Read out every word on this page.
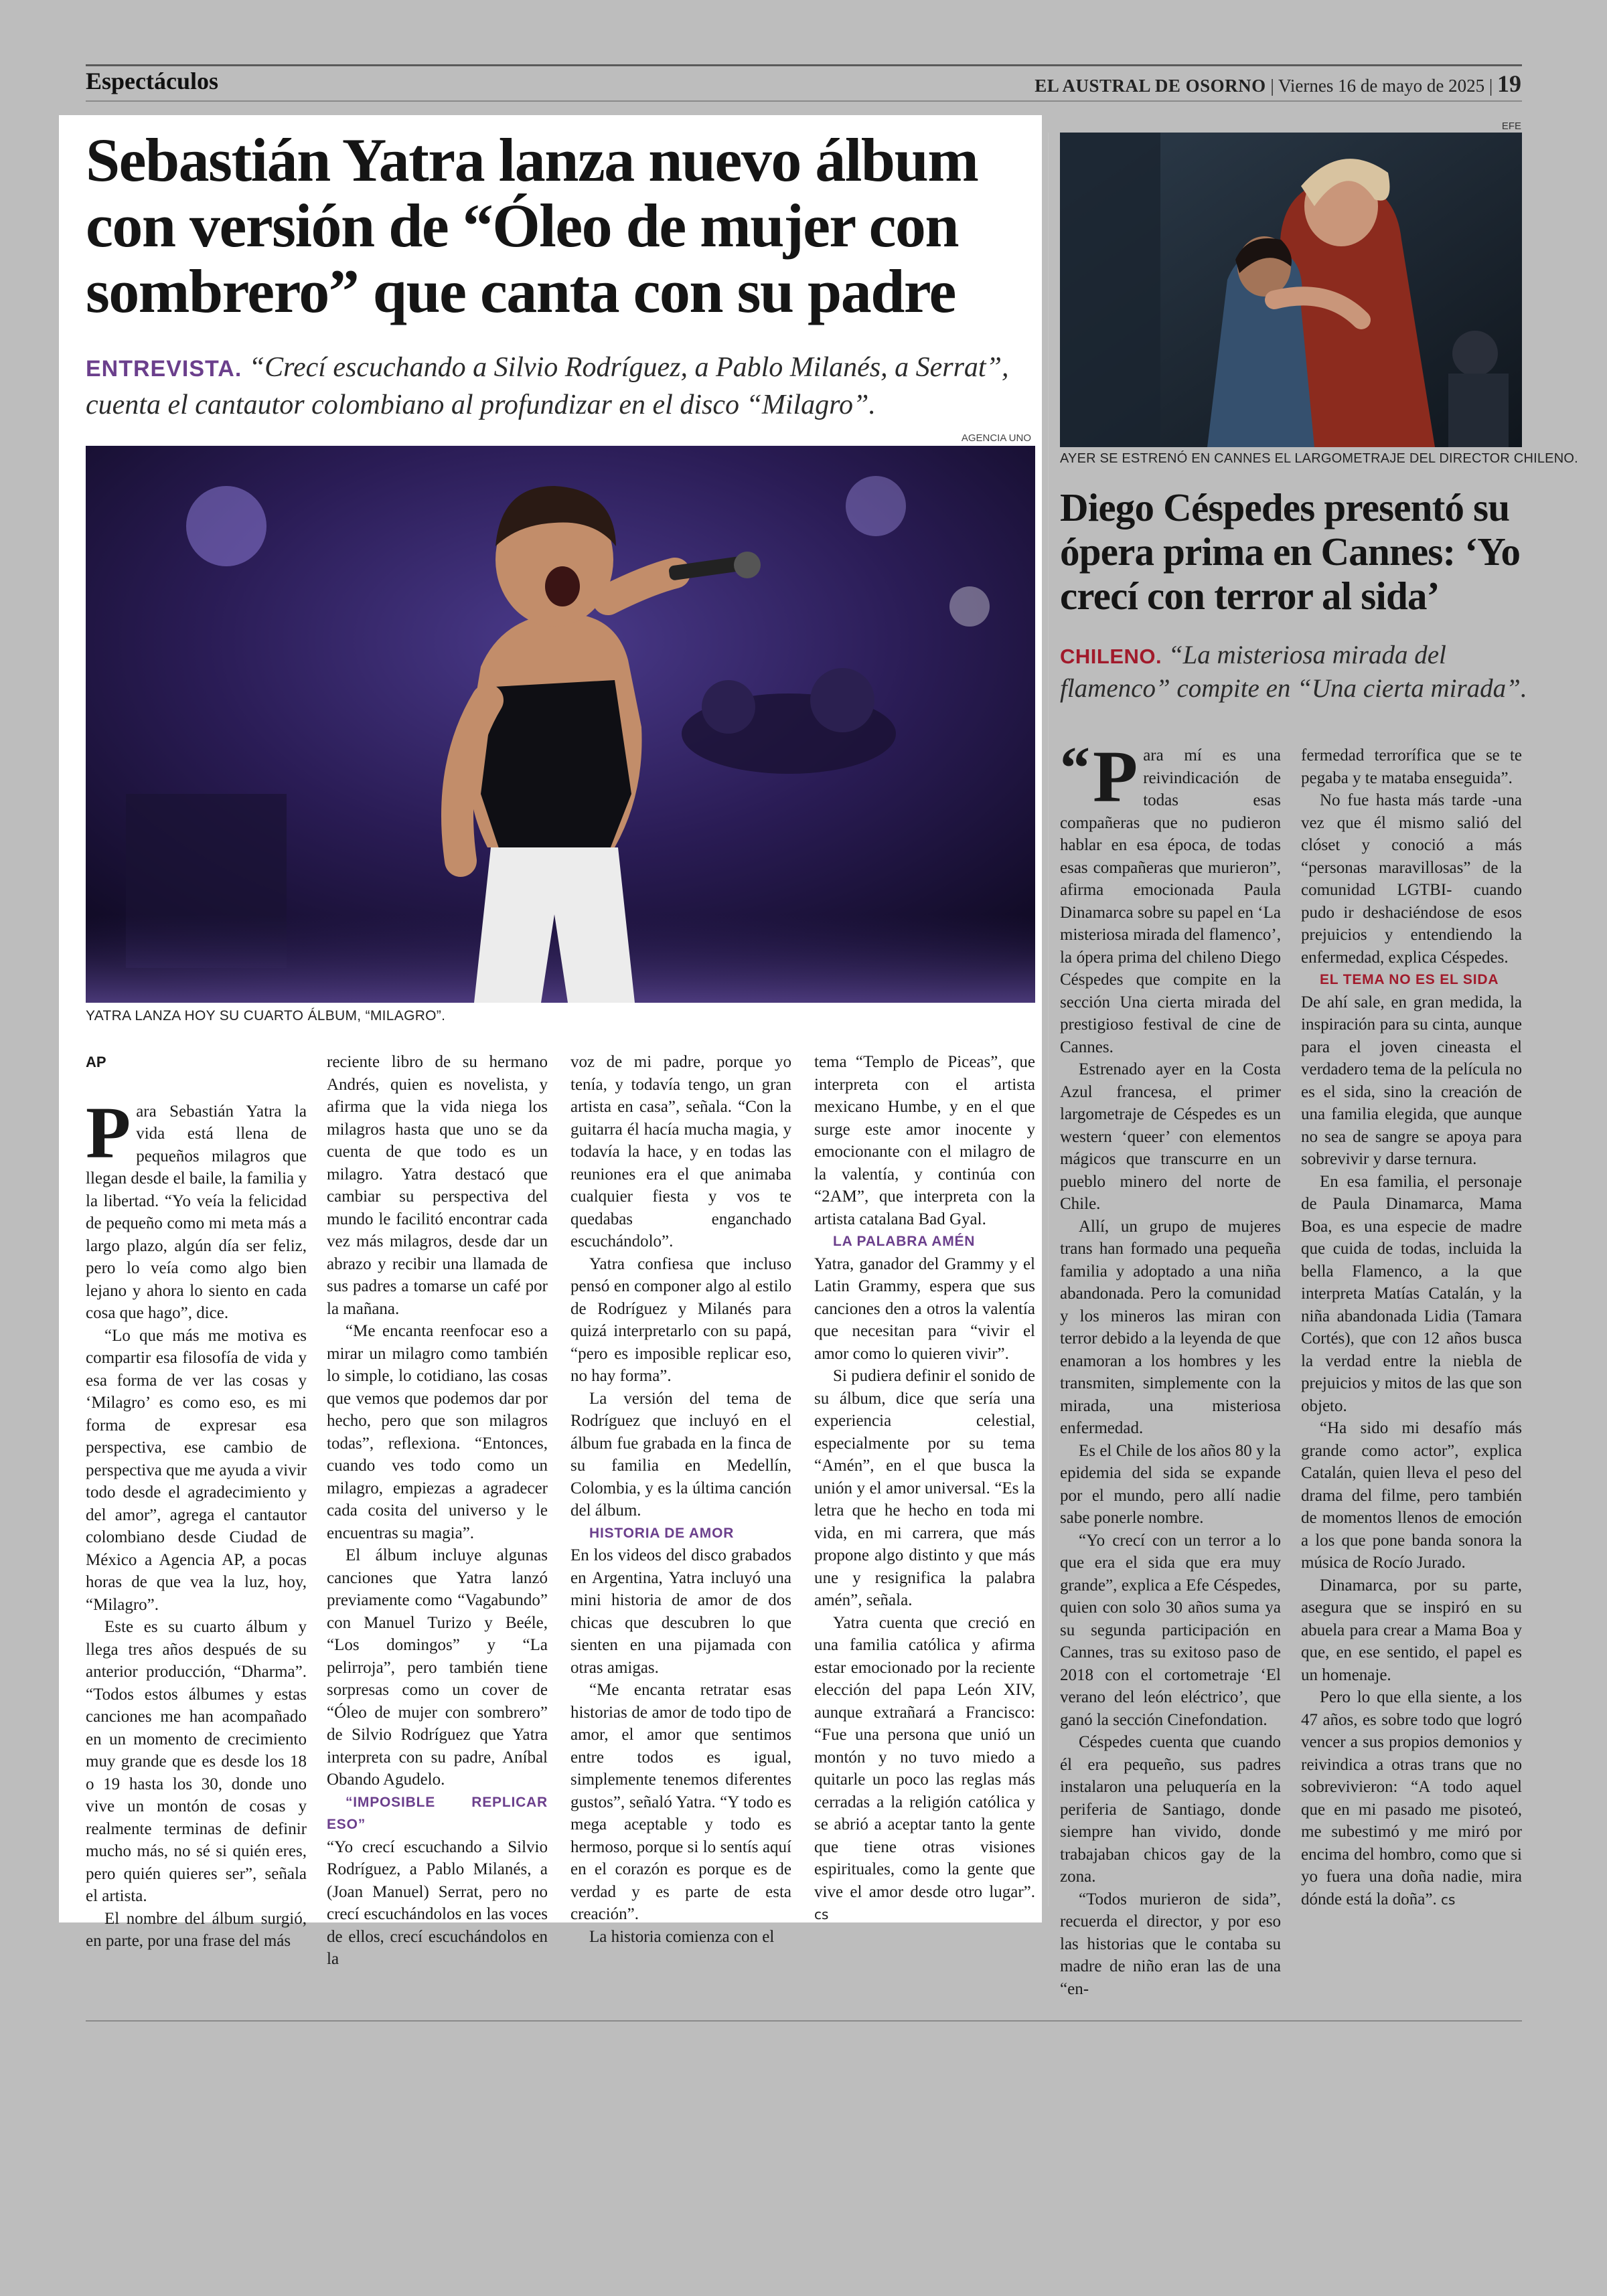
Espectáculos	EL AUSTRAL DE OSORNO | Viernes 16 de mayo de 2025 | 19
Sebastián Yatra lanza nuevo álbum con versión de “Óleo de mujer con sombrero” que canta con su padre
ENTREVISTA. “Crecí escuchando a Silvio Rodríguez, a Pablo Milanés, a Serrat”, cuenta el cantautor colombiano al profundizar en el disco “Milagro”.
AGENCIA UNO
YATRA LANZA HOY SU CUARTO ÁLBUM, “MILAGRO”.
AP

Para Sebastián Yatra la vida está llena de pequeños milagros que llegan desde el baile, la familia y la libertad. “Yo veía la felicidad de pequeño como mi meta más a largo plazo, algún día ser feliz, pero lo veía como algo bien lejano y ahora lo siento en cada cosa que hago”, dice.

“Lo que más me motiva es compartir esa filosofía de vida y esa forma de ver las cosas y ‘Milagro’ es como eso, es mi forma de expresar esa perspectiva, ese cambio de perspectiva que me ayuda a vivir todo desde el agradecimiento y del amor”, agrega el cantautor colombiano desde Ciudad de México a Agencia AP, a pocas horas de que vea la luz, hoy, “Milagro”.

Este es su cuarto álbum y llega tres años después de su anterior producción, “Dharma”. “Todos estos álbumes y estas canciones me han acompañado en un momento de crecimiento muy grande que es desde los 18 o 19 hasta los 30, donde uno vive un montón de cosas y realmente terminas de definir mucho más, no sé si quién eres, pero quién quieres ser”, señala el artista.

El nombre del álbum surgió, en parte, por una frase del más

reciente libro de su hermano Andrés, quien es novelista, y afirma que la vida niega los milagros hasta que uno se da cuenta de que todo es un milagro. Yatra destacó que cambiar su perspectiva del mundo le facilitó encontrar cada vez más milagros, desde dar un abrazo y recibir una llamada de sus padres a tomarse un café por la mañana.

“Me encanta reenfocar eso a mirar un milagro como también lo simple, lo cotidiano, las cosas que vemos que podemos dar por hecho, pero que son milagros todas”, reflexiona. “Entonces, cuando ves todo como un milagro, empiezas a agradecer cada cosita del universo y le encuentras su magia”.

El álbum incluye algunas canciones que Yatra lanzó previamente como “Vagabundo” con Manuel Turizo y Beéle, “Los domingos” y “La pelirroja”, pero también tiene sorpresas como un cover de “Óleo de mujer con sombrero” de Silvio Rodríguez que Yatra interpreta con su padre, Aníbal Obando Agudelo.

“IMPOSIBLE REPLICAR ESO”

“Yo crecí escuchando a Silvio Rodríguez, a Pablo Milanés, a (Joan Manuel) Serrat, pero no crecí escuchándolos en las voces de ellos, crecí escuchándolos en la

voz de mi padre, porque yo tenía, y todavía tengo, un gran artista en casa”, señala. “Con la guitarra él hacía mucha magia, y todavía la hace, y en todas las reuniones era el que animaba cualquier fiesta y vos te quedabas enganchado escuchándolo”.

Yatra confiesa que incluso pensó en componer algo al estilo de Rodríguez y Milanés para quizá interpretarlo con su papá, “pero es imposible replicar eso, no hay forma”.

La versión del tema de Rodríguez que incluyó en el álbum fue grabada en la finca de su familia en Medellín, Colombia, y es la última canción del álbum.

HISTORIA DE AMOR

En los videos del disco grabados en Argentina, Yatra incluyó una mini historia de amor de dos chicas que descubren lo que sienten en una pijamada con otras amigas.

“Me encanta retratar esas historias de amor de todo tipo de amor, el amor que sentimos entre todos es igual, simplemente tenemos diferentes gustos”, señaló Yatra. “Y todo es mega aceptable y todo es hermoso, porque si lo sentís aquí en el corazón es porque es de verdad y es parte de esta creación”.

La historia comienza con el

tema “Templo de Piceas”, que interpreta con el artista mexicano Humbe, y en el que surge este amor inocente y emocionante con el milagro de la valentía, y continúa con “2AM”, que interpreta con la artista catalana Bad Gyal.

LA PALABRA AMÉN

Yatra, ganador del Grammy y el Latin Grammy, espera que sus canciones den a otros la valentía que necesitan para “vivir el amor como lo quieren vivir”.

Si pudiera definir el sonido de su álbum, dice que sería una experiencia celestial, especialmente por su tema “Amén”, en el que busca la unión y el amor universal. “Es la letra que he hecho en toda mi vida, en mi carrera, que más propone algo distinto y que más une y resignifica la palabra amén”, señala.

Yatra cuenta que creció en una familia católica y afirma estar emocionado por la reciente elección del papa León XIV, aunque extrañará a Francisco: “Fue una persona que unió un montón y no tuvo miedo a quitarle un poco las reglas más cerradas a la religión católica y se abrió a aceptar tanto la gente que tiene otras visiones espirituales, como la gente que vive el amor desde otro lugar”. cs

EFE
AYER SE ESTRENÓ EN CANNES EL LARGOMETRAJE DEL DIRECTOR CHILENO.
Diego Céspedes presentó su ópera prima en Cannes: ‘Yo crecí con terror al sida’
CHILENO. “La misteriosa mirada del flamenco” compite en “Una cierta mirada”.

“ P ara mí es una reivindicación de todas esas compañeras que no pudieron hablar en esa época, de todas esas compañeras que murieron”, afirma emocionada Paula Dinamarca sobre su papel en ‘La misteriosa mirada del flamenco’, la ópera prima del chileno Diego Céspedes que compite en la sección Una cierta mirada del prestigioso festival de cine de Cannes.

Estrenado ayer en la Costa Azul francesa, el primer largometraje de Céspedes es un western ‘queer’ con elementos mágicos que transcurre en un pueblo minero del norte de Chile.

Allí, un grupo de mujeres trans han formado una pequeña familia y adoptado a una niña abandonada. Pero la comunidad y los mineros las miran con terror debido a la leyenda de que enamoran a los hombres y les transmiten, simplemente con la mirada, una misteriosa enfermedad.

Es el Chile de los años 80 y la epidemia del sida se expande por el mundo, pero allí nadie sabe ponerle nombre.

“Yo crecí con un terror a lo que era el sida que era muy grande”, explica a Efe Céspedes, quien con solo 30 años suma ya su segunda participación en Cannes, tras su exitoso paso de 2018 con el cortometraje ‘El verano del león eléctrico’, que ganó la sección Cinefondation.

Céspedes cuenta que cuando él era pequeño, sus padres instalaron una peluquería en la periferia de Santiago, donde siempre han vivido, donde trabajaban chicos gay de la zona.

“Todos murieron de sida”, recuerda el director, y por eso las historias que le contaba su madre de niño eran las de una “en-

fermedad terrorífica que se te pegaba y te mataba enseguida”.

No fue hasta más tarde -una vez que él mismo salió del clóset y conoció a más “personas maravillosas” de la comunidad LGTBI- cuando pudo ir deshaciéndose de esos prejuicios y entendiendo la enfermedad, explica Céspedes.

EL TEMA NO ES EL SIDA

De ahí sale, en gran medida, la inspiración para su cinta, aunque para el joven cineasta el verdadero tema de la película no es el sida, sino la creación de una familia elegida, que aunque no sea de sangre se apoya para sobrevivir y darse ternura.

En esa familia, el personaje de Paula Dinamarca, Mama Boa, es una especie de madre que cuida de todas, incluida la bella Flamenco, a la que interpreta Matías Catalán, y la niña abandonada Lidia (Tamara Cortés), que con 12 años busca la verdad entre la niebla de prejuicios y mitos de las que son objeto.

“Ha sido mi desafío más grande como actor”, explica Catalán, quien lleva el peso del drama del filme, pero también de momentos llenos de emoción a los que pone banda sonora la música de Rocío Jurado.

Dinamarca, por su parte, asegura que se inspiró en su abuela para crear a Mama Boa y que, en ese sentido, el papel es un homenaje.

Pero lo que ella siente, a los 47 años, es sobre todo que logró vencer a sus propios demonios y reivindica a otras trans que no sobrevivieron: “A todo aquel que en mi pasado me pisoteó, me subestimó y me miró por encima del hombro, como que si yo fuera una doña nadie, mira dónde está la doña”. cs
